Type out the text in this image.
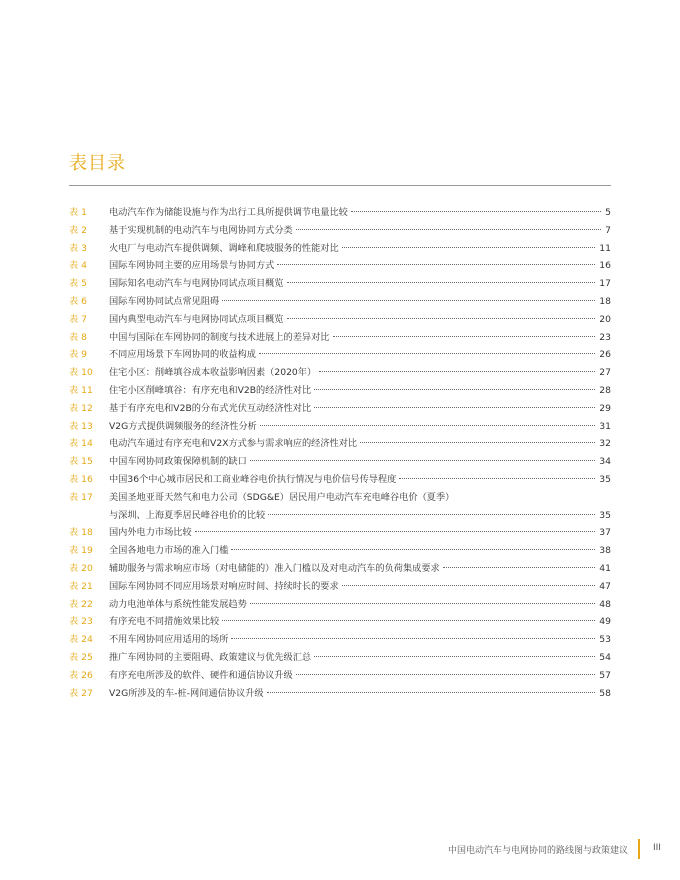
表目录
表 1 电动汽车作为储能设施与作为出行工具所提供调节电量比较	5
表 2 基于实现机制的电动汽车与电网协同方式分类	7
表 3 火电厂与电动汽车提供调频、调峰和爬坡服务的性能对比	11
表 4 国际车网协同主要的应用场景与协同方式	16
表 5 国际知名电动汽车与电网协同试点项目概览	17
表 6 国际车网协同试点常见阻碍	18
表 7 国内典型电动汽车与电网协同试点项目概览	20
表 8 中国与国际在车网协同的制度与技术进展上的差异对比	23
表 9 不同应用场景下车网协同的收益构成	26
表 10 住宅小区：削峰填谷成本收益影响因素（2020年）	27
表 11 住宅小区削峰填谷：有序充电和V2B的经济性对比	28
表 12 基于有序充电和V2B的分布式光伏互动经济性对比	29
表 13 V2G方式提供调频服务的经济性分析	31
表 14 电动汽车通过有序充电和V2X方式参与需求响应的经济性对比	32
表 15 中国车网协同政策保障机制的缺口	34
表 16 中国36个中心城市居民和工商业峰谷电价执行情况与电价信号传导程度	35
表 17 美国圣地亚哥天然气和电力公司（SDG&E）居民用户电动汽车充电峰谷电价（夏季）
与深圳、上海夏季居民峰谷电价的比较	35
表 18 国内外电力市场比较	37
表 19 全国各地电力市场的准入门槛	38
表 20 辅助服务与需求响应市场（对电储能的）准入门槛以及对电动汽车的负荷集成要求	41
表 21 国际车网协同不同应用场景对响应时间、持续时长的要求	47
表 22 动力电池单体与系统性能发展趋势	48
表 23 有序充电不同措施效果比较	49
表 24 不用车网协同应用适用的场所	53
表 25 推广车网协同的主要阻碍、政策建议与优先级汇总	54
表 26 有序充电所涉及的软件、硬件和通信协议升级	57
表 27 V2G所涉及的车-桩-网间通信协议升级	58
中国电动汽车与电网协同的路线图与政策建议	III
